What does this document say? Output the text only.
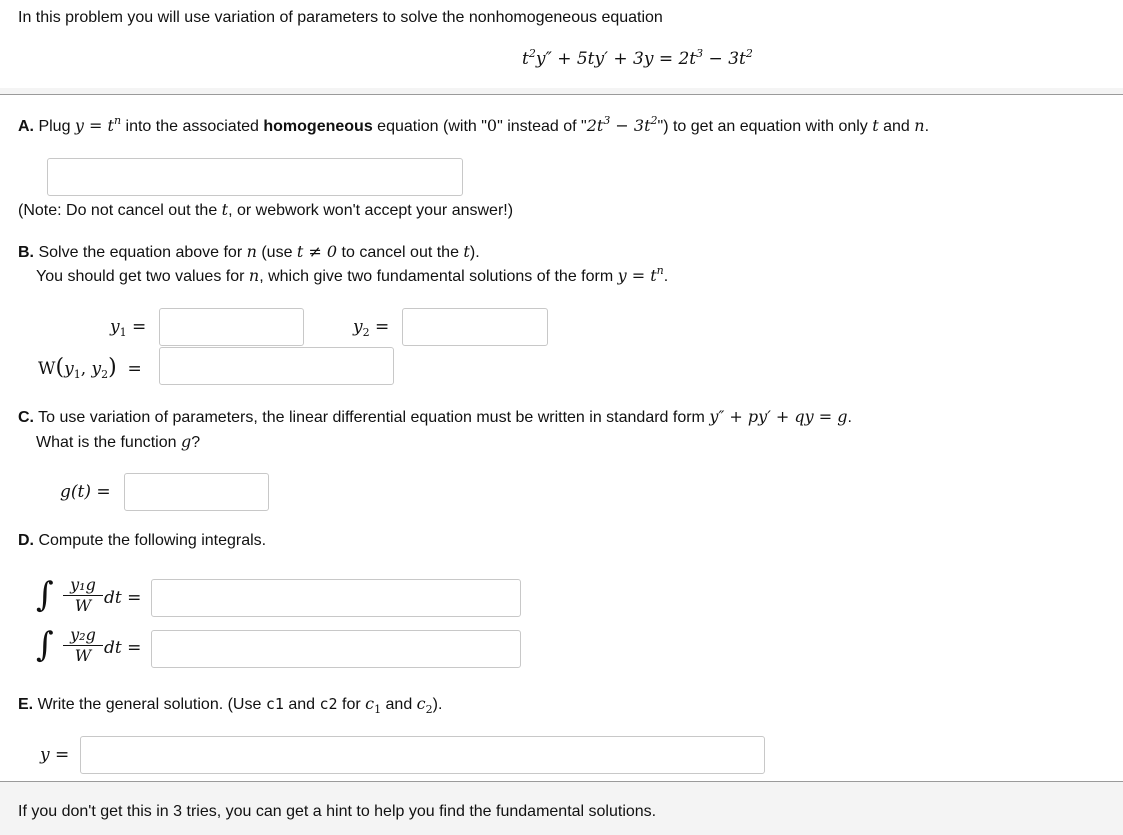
In this problem you will use variation of parameters to solve the nonhomogeneous equation
$t^2y'' + 5ty' + 3y = 2t^3 - 3t^2$
A. Plug $y = t^n$ into the associated homogeneous equation (with "0" instead of "$2t^3$ − $3t^2$") to get an equation with only t and n.
(Note: Do not cancel out the t, or webwork won't accept your answer!)
B. Solve the equation above for n (use t ≠ 0 to cancel out the t).
You should get two values for n, which give two fundamental solutions of the form $y = t^n$.
$y_1$ =	$y_2$ =
$W(y_1$, $y_2$) =
C. To use variation of parameters, the linear differential equation must be written in standard form y″ + py′ + qy = g.
What is the function g?
g(t) =
D. Compute the following integrals.
∫	y₁g
W dt =
∫	y₂g
W dt =
E. Write the general solution. (Use c1 and c2 for $c_1$ and $c_2$).
y =
If you don't get this in 3 tries, you can get a hint to help you find the fundamental solutions.
